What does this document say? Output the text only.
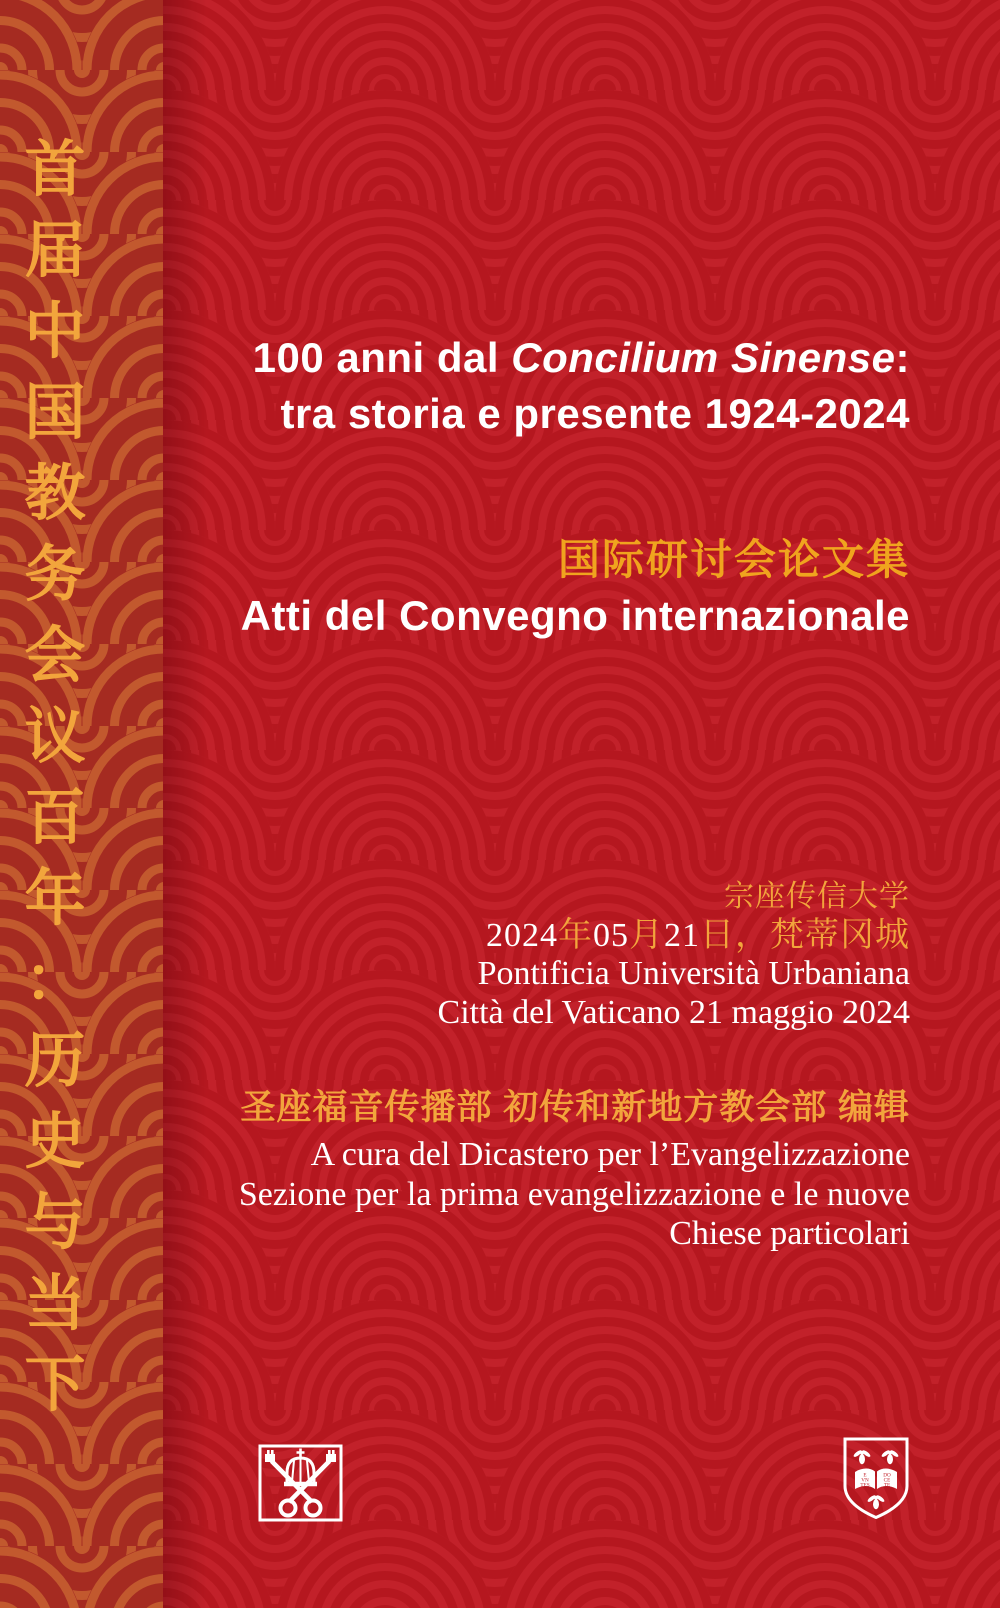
首
届
中
国
教
务
会
议
百
年
：
历
史
与
当
下
100 anni dal Concilium Sinense:
tra storia e presente 1924-2024
国际研讨会论文集
Atti del Convegno internazionale
宗座传信大学
2024年05月21日，梵蒂冈城
Pontificia Università Urbaniana
Città del Vaticano 21 maggio 2024
圣座福音传播部 初传和新地方教会部 编辑
A cura del Dicastero per l’Evangelizzazione
Sezione per la prima evangelizzazione e le nuove
Chiese particolari
E
VN
TES
DO
CE
TE
